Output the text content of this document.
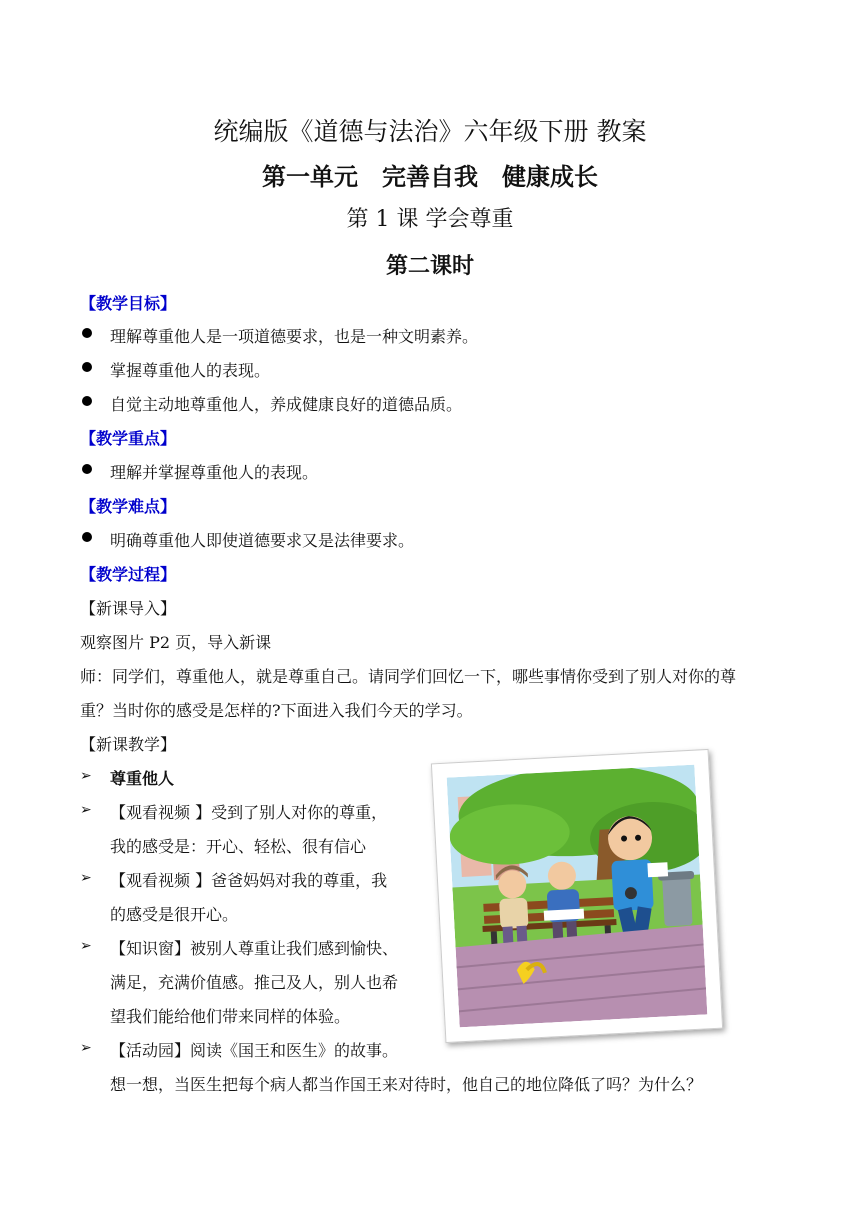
统编版《道德与法治》六年级下册 教案
第一单元　完善自我　健康成长
第 1 课 学会尊重
第二课时
【教学目标】
理解尊重他人是一项道德要求，也是一种文明素养。
掌握尊重他人的表现。
自觉主动地尊重他人，养成健康良好的道德品质。
【教学重点】
理解并掌握尊重他人的表现。
【教学难点】
明确尊重他人即使道德要求又是法律要求。
【教学过程】
【新课导入】
观察图片 P2 页，导入新课
师：同学们，尊重他人，就是尊重自己。请同学们回忆一下，哪些事情你受到了别人对你的尊
重？当时你的感受是怎样的?下面进入我们今天的学习。
【新课教学】
➢ 尊重他人
➢ 【观看视频 】受到了别人对你的尊重，
我的感受是：开心、轻松、很有信心
➢ 【观看视频 】爸爸妈妈对我的尊重，我
的感受是很开心。
➢ 【知识窗】被别人尊重让我们感到愉快、
满足，充满价值感。推己及人，别人也希
望我们能给他们带来同样的体验。
➢ 【活动园】阅读《国王和医生》的故事。
想一想，当医生把每个病人都当作国王来对待时，他自己的地位降低了吗？为什么？
